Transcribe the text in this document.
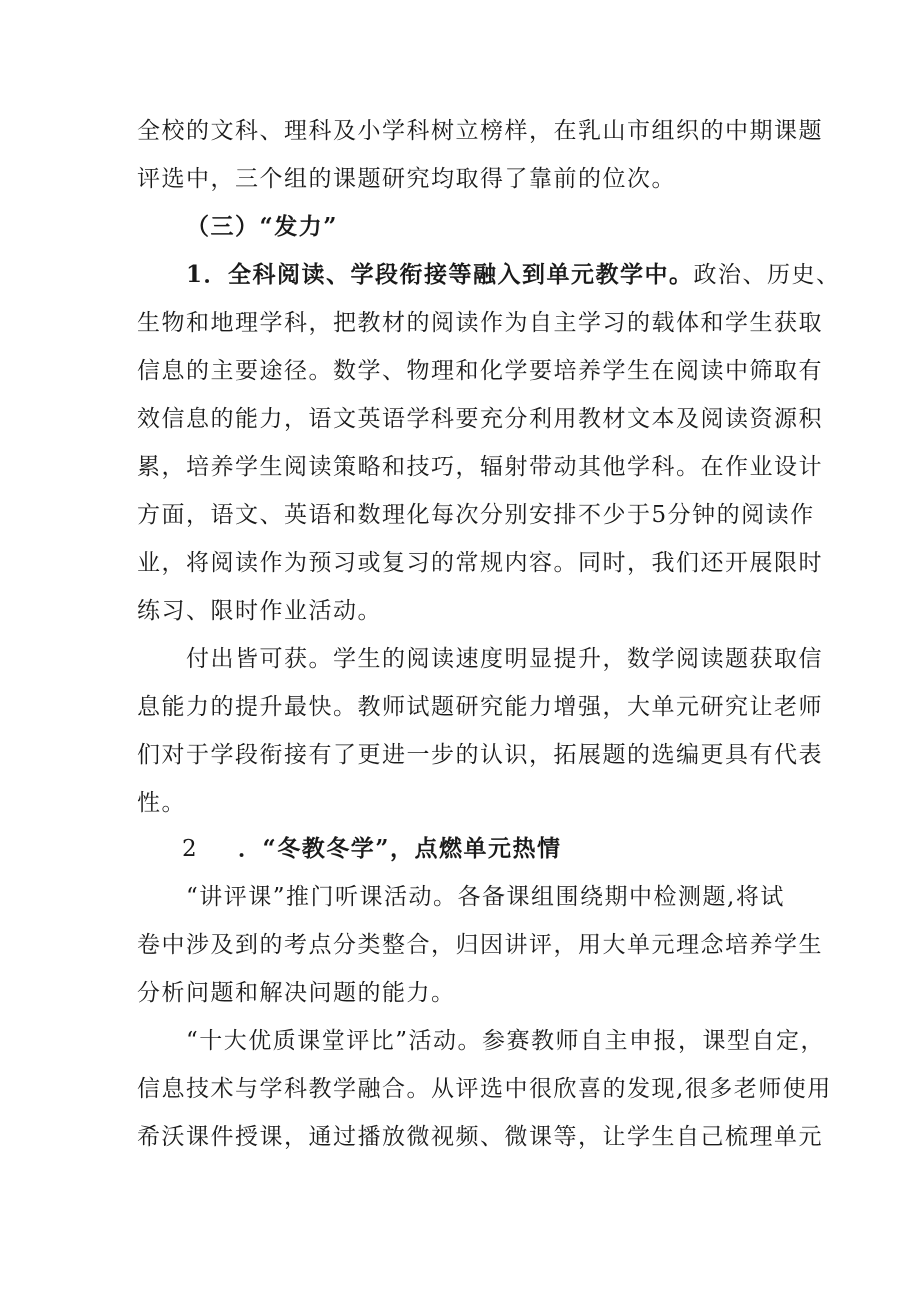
全校的文科、理科及小学科树立榜样，在乳山市组织的中期课题
评选中，三个组的课题研究均取得了靠前的位次。
（三）“发力”
1．全科阅读、学段衔接等融入到单元教学中。政治、历史、
生物和地理学科，把教材的阅读作为自主学习的载体和学生获取
信息的主要途径。数学、物理和化学要培养学生在阅读中筛取有
效信息的能力，语文英语学科要充分利用教材文本及阅读资源积
累，培养学生阅读策略和技巧，辐射带动其他学科。在作业设计
方面，语文、英语和数理化每次分别安排不少于5分钟的阅读作
业，将阅读作为预习或复习的常规内容。同时，我们还开展限时
练习、限时作业活动。
付出皆可获。学生的阅读速度明显提升，数学阅读题获取信
息能力的提升最快。教师试题研究能力增强，大单元研究让老师
们对于学段衔接有了更进一步的认识，拓展题的选编更具有代表
性。
2 ．“冬教冬学”，点燃单元热情
“讲评课”推门听课活动。各备课组围绕期中检测题,将试
卷中涉及到的考点分类整合，归因讲评，用大单元理念培养学生
分析问题和解决问题的能力。
“十大优质课堂评比”活动。参赛教师自主申报，课型自定，
信息技术与学科教学融合。从评选中很欣喜的发现,很多老师使用
希沃课件授课，通过播放微视频、微课等，让学生自己梳理单元
